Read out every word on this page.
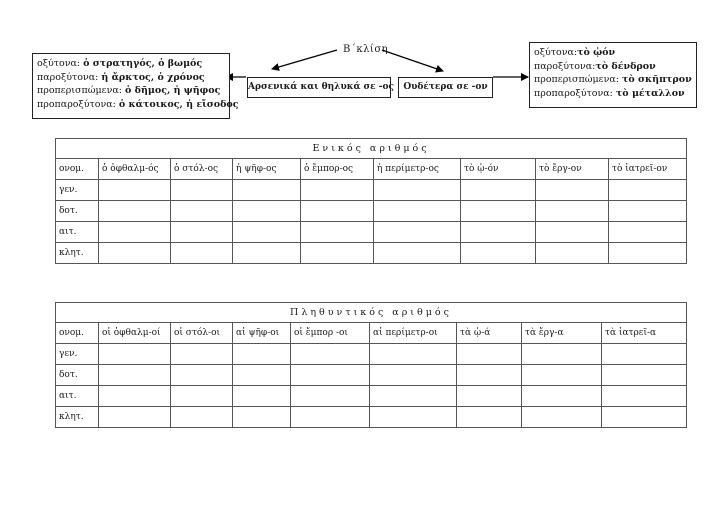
Β΄κλίση
οξύτονα: ὁ στρατηγός, ὁ βωμός
παροξύτονα: ἡ ἄρκτος, ὁ χρόνος
προπερισπώμενα: ὁ δῆμος, ἡ ψῆφος
προπαροξύτονα: ὁ κάτοικος, ἡ εἴσοδος
Αρσενικά και θηλυκά σε -ος	Ουδέτερα σε -ον
οξύτονα:τὸ ᾠόν
παροξύτονα:τὸ δένδρον
προπερισπώμενα: τὸ σκῆπτρον
προπαροξύτονα: τὸ μέταλλον
Ενικός αριθμός								
ονομ.	ὁ ὀφθαλμ-ός	ὁ στόλ-ος	ἡ ψῆφ-ος	ὁ ἔμπορ-ος	ἡ περίμετρ-ος	τὸ ᾠ-όν	τὸ ἔργ-ον	τὸ ἰατρεῖ-ον
γεν.								
δοτ.								
αιτ.								
κλητ.								
Πληθυντικός αριθμός								
ονομ.	οἱ ὀφθαλμ-οί	οἱ στόλ-οι	αἱ ψῆφ-οι	οἱ ἔμπορ -οι	αἱ περίμετρ-οι	τὰ ᾠ-ά	τὰ ἔργ-α	τὰ ἰατρεῖ-α
γεν.								
δοτ.								
αιτ.								
κλητ.								
